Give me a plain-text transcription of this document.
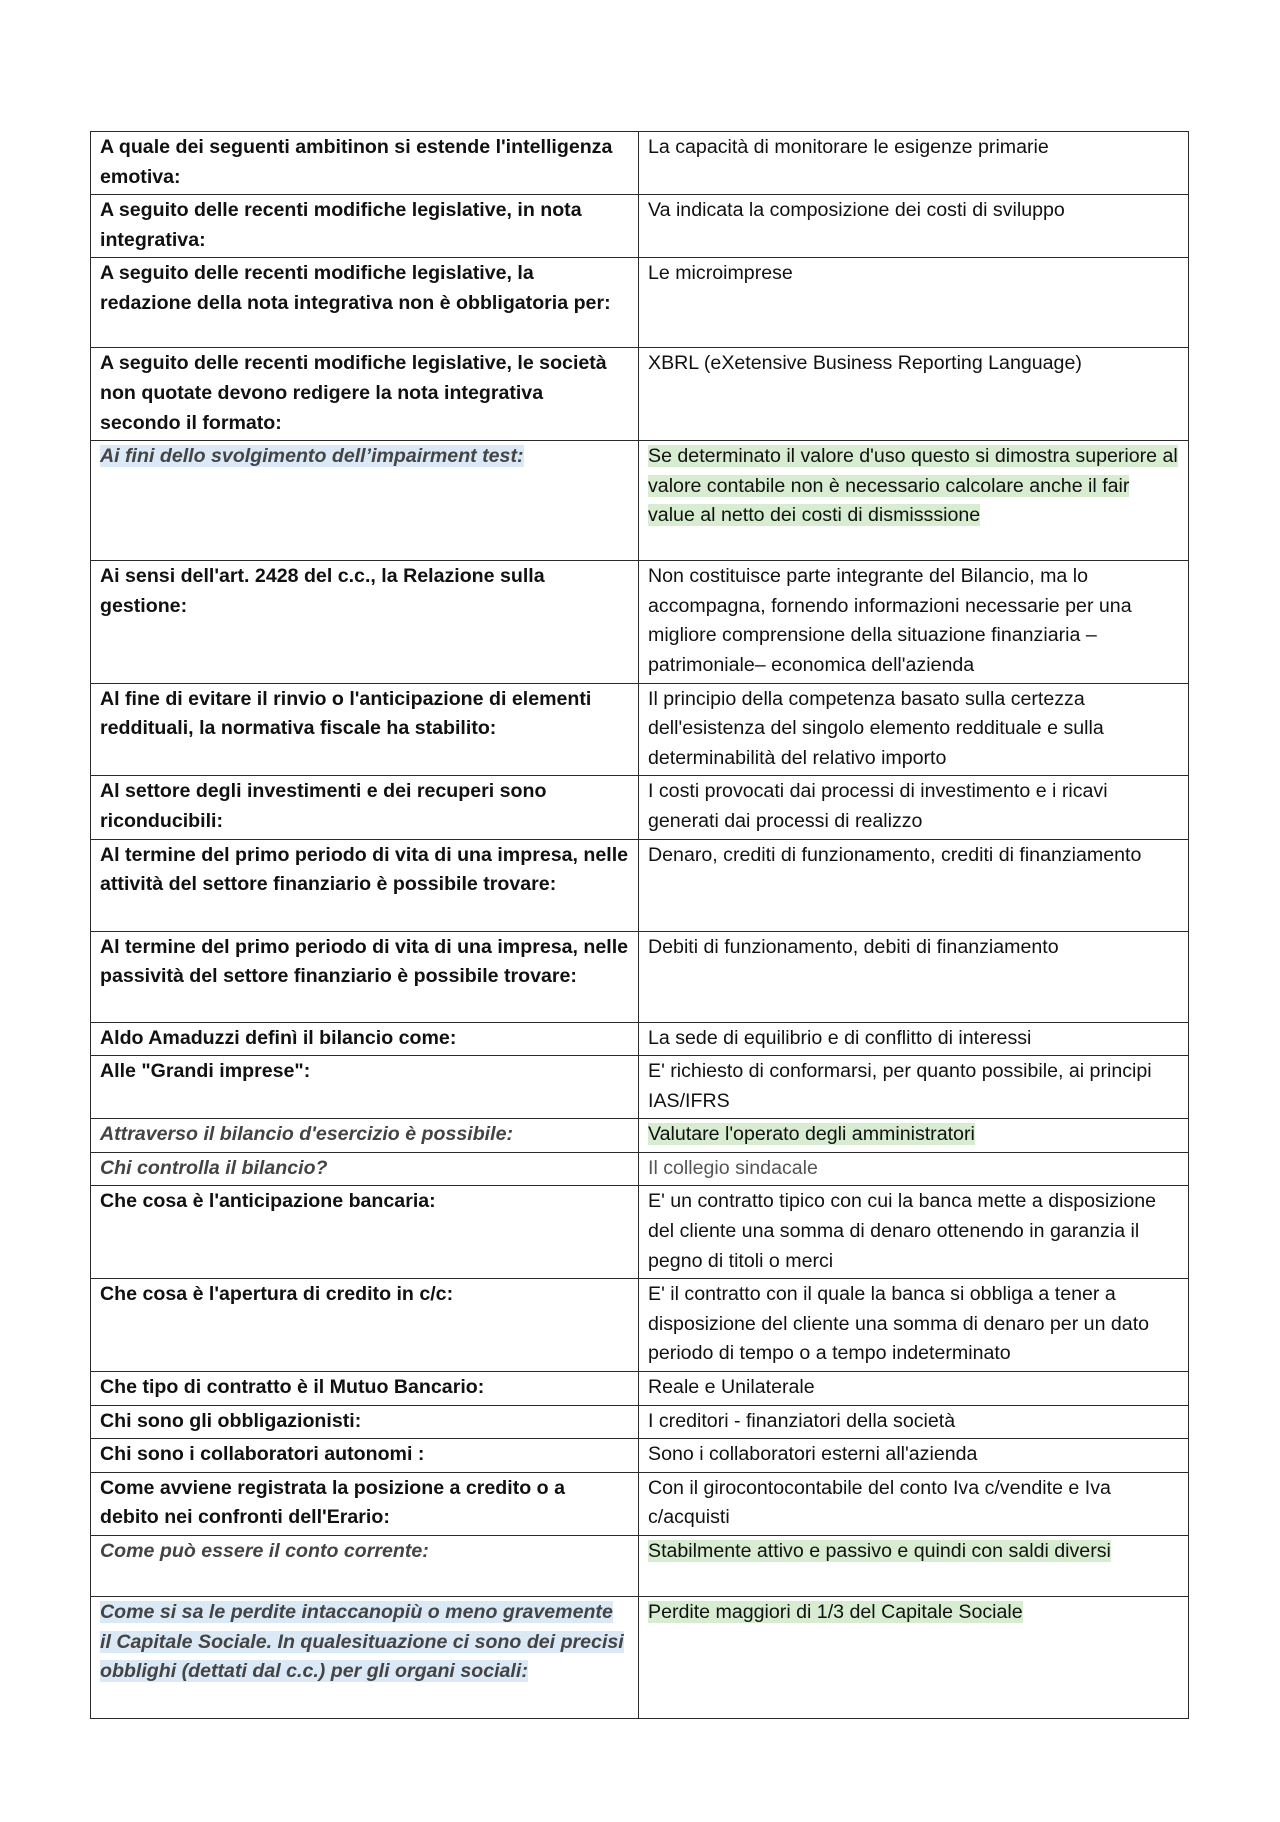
A quale dei seguenti ambitinon si estende l'intelligenza emotiva:	La capacità di monitorare le esigenze primarie
A seguito delle recenti modifiche legislative, in nota integrativa:	Va indicata la composizione dei costi di sviluppo
A seguito delle recenti modifiche legislative, la redazione della nota integrativa non è obbligatoria per:	Le microimprese
A seguito delle recenti modifiche legislative, le società non quotate devono redigere la nota integrativa secondo il formato:	XBRL (eXetensive Business Reporting Language)
Ai fini dello svolgimento dell’impairment test:	Se determinato il valore d'uso questo si dimostra superiore al valore contabile non è necessario calcolare anche il fair value al netto dei costi di dismisssione
Ai sensi dell'art. 2428 del c.c., la Relazione sulla gestione:	Non costituisce parte integrante del Bilancio, ma lo accompagna, fornendo informazioni necessarie per una migliore comprensione della situazione finanziaria – patrimoniale– economica dell'azienda
Al fine di evitare il rinvio o l'anticipazione di elementi reddituali, la normativa fiscale ha stabilito:	Il principio della competenza basato sulla certezza dell'esistenza del singolo elemento reddituale e sulla determinabilità del relativo importo
Al settore degli investimenti e dei recuperi sono riconducibili:	I costi provocati dai processi di investimento e i ricavi generati dai processi di realizzo
Al termine del primo periodo di vita di una impresa, nelle attività del settore finanziario è possibile trovare:	Denaro, crediti di funzionamento, crediti di finanziamento
Al termine del primo periodo di vita di una impresa, nelle passività del settore finanziario è possibile trovare:	Debiti di funzionamento, debiti di finanziamento
Aldo Amaduzzi definì il bilancio come:	La sede di equilibrio e di conflitto di interessi
Alle "Grandi imprese":	E' richiesto di conformarsi, per quanto possibile, ai principi IAS/IFRS
Attraverso il bilancio d'esercizio è possibile:	Valutare l'operato degli amministratori
Chi controlla il bilancio?	Il collegio sindacale
Che cosa è l'anticipazione bancaria:	E' un contratto tipico con cui la banca mette a disposizione del cliente una somma di denaro ottenendo in garanzia il pegno di titoli o merci
Che cosa è l'apertura di credito in c/c:	E' il contratto con il quale la banca si obbliga a tener a disposizione del cliente una somma di denaro per un dato periodo di tempo o a tempo indeterminato
Che tipo di contratto è il Mutuo Bancario:	Reale e Unilaterale
Chi sono gli obbligazionisti:	I creditori - finanziatori della società
Chi sono i collaboratori autonomi :	Sono i collaboratori esterni all'azienda
Come avviene registrata la posizione a credito o a debito nei confronti dell'Erario:	Con il girocontocontabile del conto Iva c/vendite e Iva c/acquisti
Come può essere il conto corrente:	Stabilmente attivo e passivo e quindi con saldi diversi
Come si sa le perdite intaccanopiù o meno gravemente il Capitale Sociale. In qualesituazione ci sono dei precisi obblighi (dettati dal c.c.) per gli organi sociali:	Perdite maggiori di 1/3 del Capitale Sociale
